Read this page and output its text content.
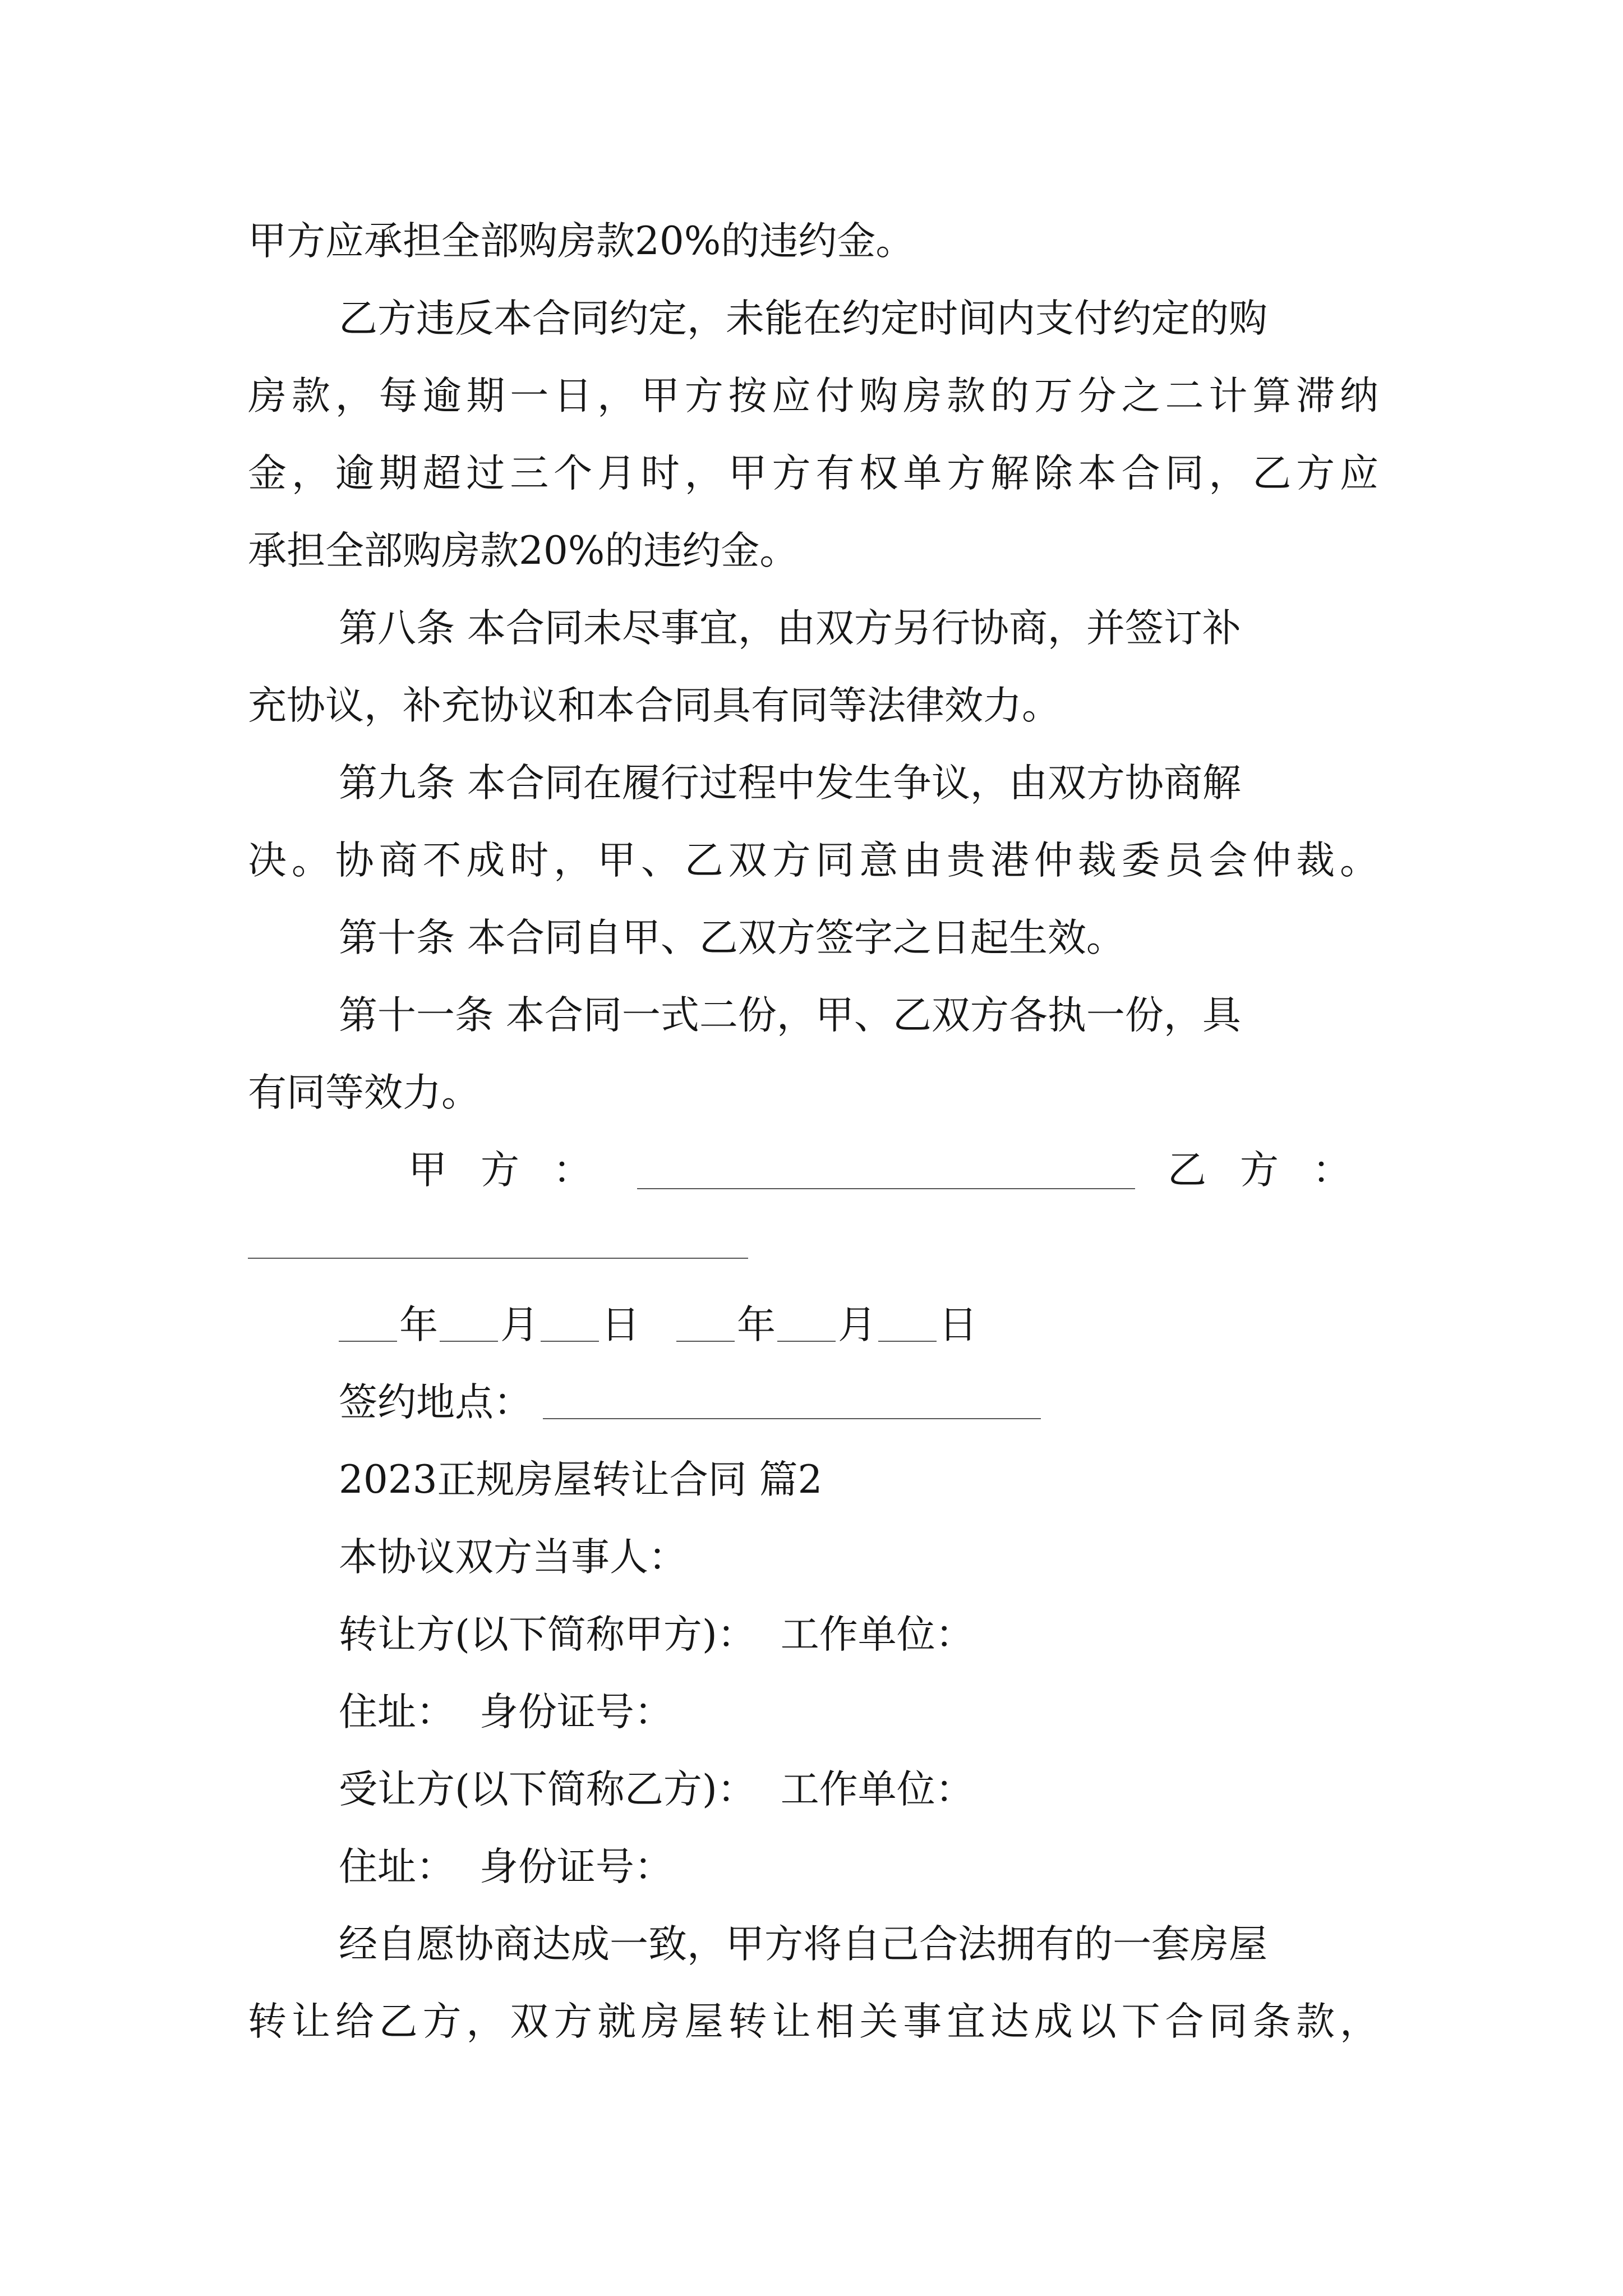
甲方应承担全部购房款20%的违约金。

乙方违反本合同约定，未能在约定时间内支付约定的购

房款，每逾期一日，甲方按应付购房款的万分之二计算滞纳

金，逾期超过三个月时，甲方有权单方解除本合同，乙方应

承担全部购房款20%的违约金。

第八条 本合同未尽事宜，由双方另行协商，并签订补

充协议，补充协议和本合同具有同等法律效力。

第九条 本合同在履行过程中发生争议，由双方协商解

决。协商不成时，甲、乙双方同意由贵港仲裁委员会仲裁。

第十条 本合同自甲、乙双方签字之日起生效。

第十一条 本合同一式二份，甲、乙双方各执一份，具

有同等效力。

甲方：	乙方：

年 月 日	年 月 日

签约地点：

2023正规房屋转让合同 篇2

本协议双方当事人：

转让方(以下简称甲方)：  工作单位：

住址：  身份证号：

受让方(以下简称乙方)：  工作单位：

住址：  身份证号：

经自愿协商达成一致，甲方将自己合法拥有的一套房屋

转让给乙方，双方就房屋转让相关事宜达成以下合同条款，
